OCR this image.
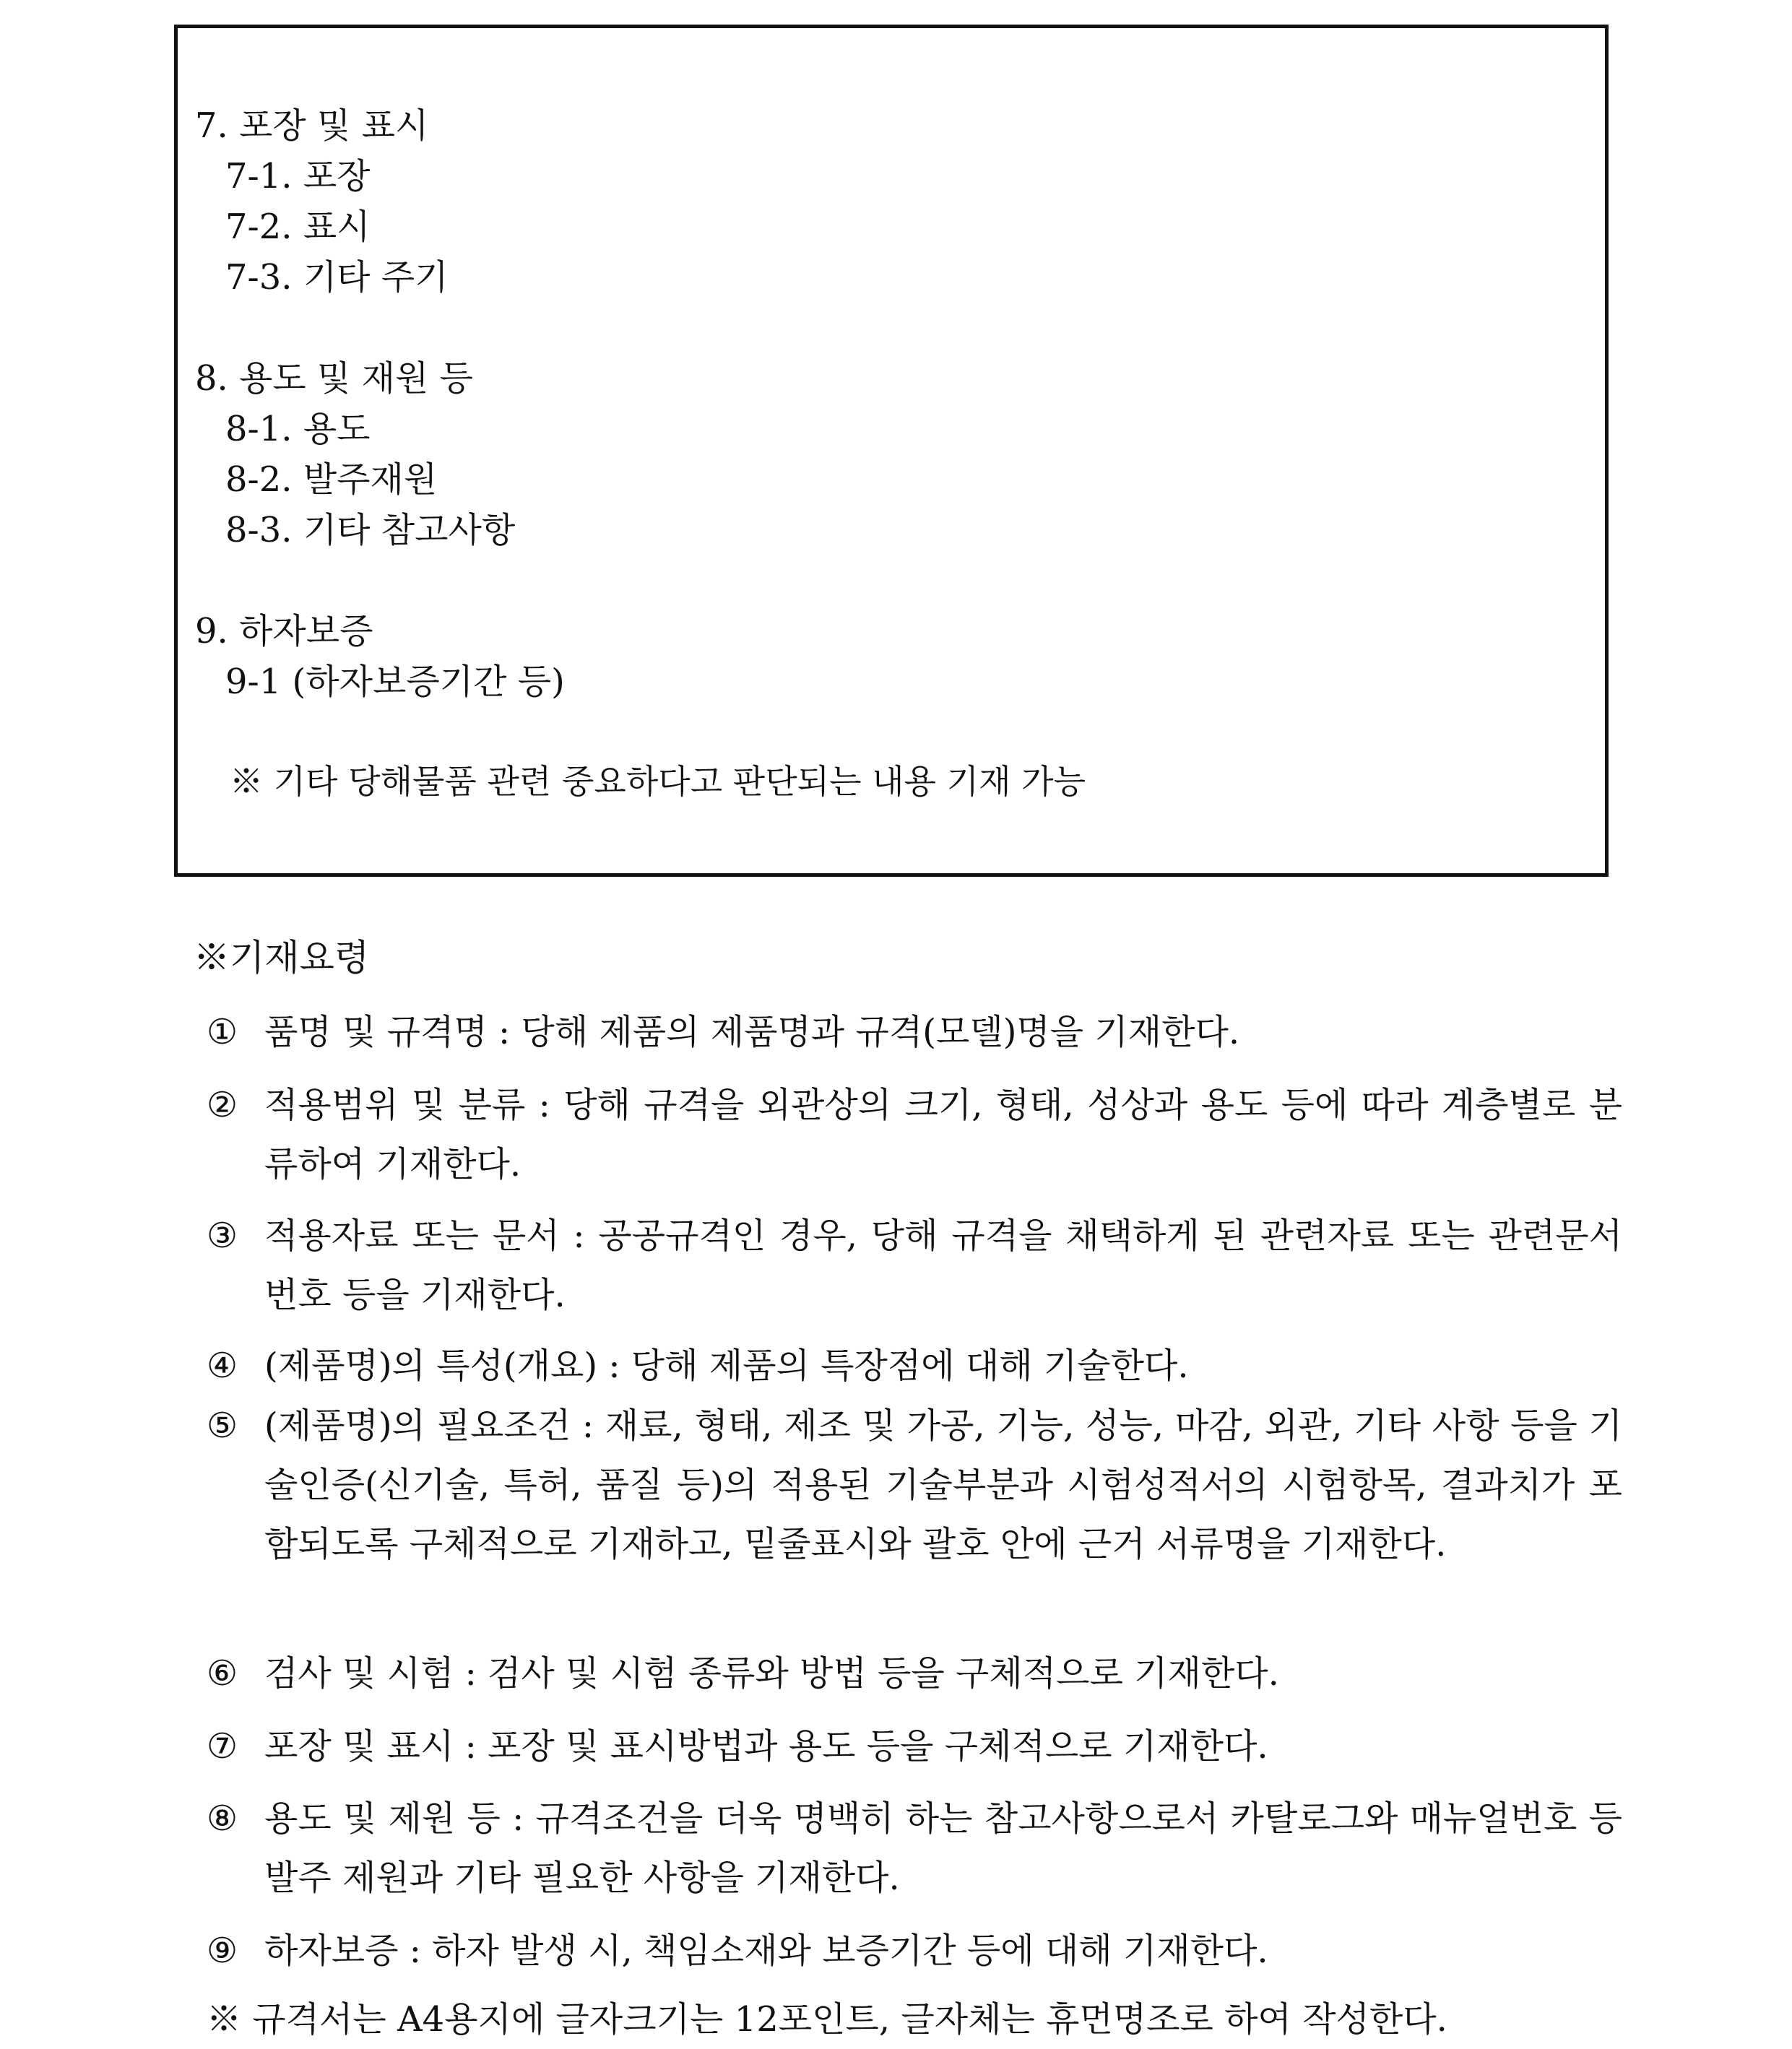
7. 포장 및 표시
7-1. 포장
7-2. 표시
7-3. 기타 주기
8. 용도 및 재원 등
8-1. 용도
8-2. 발주재원
8-3. 기타 참고사항
9. 하자보증
9-1 (하자보증기간 등)
※ 기타 당해물품 관련 중요하다고 판단되는 내용 기재 가능
※기재요령
① 품명 및 규격명 : 당해 제품의 제품명과 규격(모델)명을 기재한다.
② 적용범위 및 분류 : 당해 규격을 외관상의 크기, 형태, 성상과 용도 등에 따라 계층별로 분류하여 기재한다.
③ 적용자료 또는 문서 : 공공규격인 경우, 당해 규격을 채택하게 된 관련자료 또는 관련문서 번호 등을 기재한다.
④ (제품명)의 특성(개요) : 당해 제품의 특장점에 대해 기술한다.
⑤ (제품명)의 필요조건 : 재료, 형태, 제조 및 가공, 기능, 성능, 마감, 외관, 기타 사항 등을 기술인증(신기술, 특허, 품질 등)의 적용된 기술부분과 시험성적서의 시험항목, 결과치가 포함되도록 구체적으로 기재하고, 밑줄표시와 괄호 안에 근거 서류명을 기재한다.
⑥ 검사 및 시험 : 검사 및 시험 종류와 방법 등을 구체적으로 기재한다.
⑦ 포장 및 표시 : 포장 및 표시방법과 용도 등을 구체적으로 기재한다.
⑧ 용도 및 제원 등 : 규격조건을 더욱 명백히 하는 참고사항으로서 카탈로그와 매뉴얼번호 등 발주 제원과 기타 필요한 사항을 기재한다.
⑨ 하자보증 : 하자 발생 시, 책임소재와 보증기간 등에 대해 기재한다.
※ 규격서는 A4용지에 글자크기는 12포인트, 글자체는 휴먼명조로 하여 작성한다.
